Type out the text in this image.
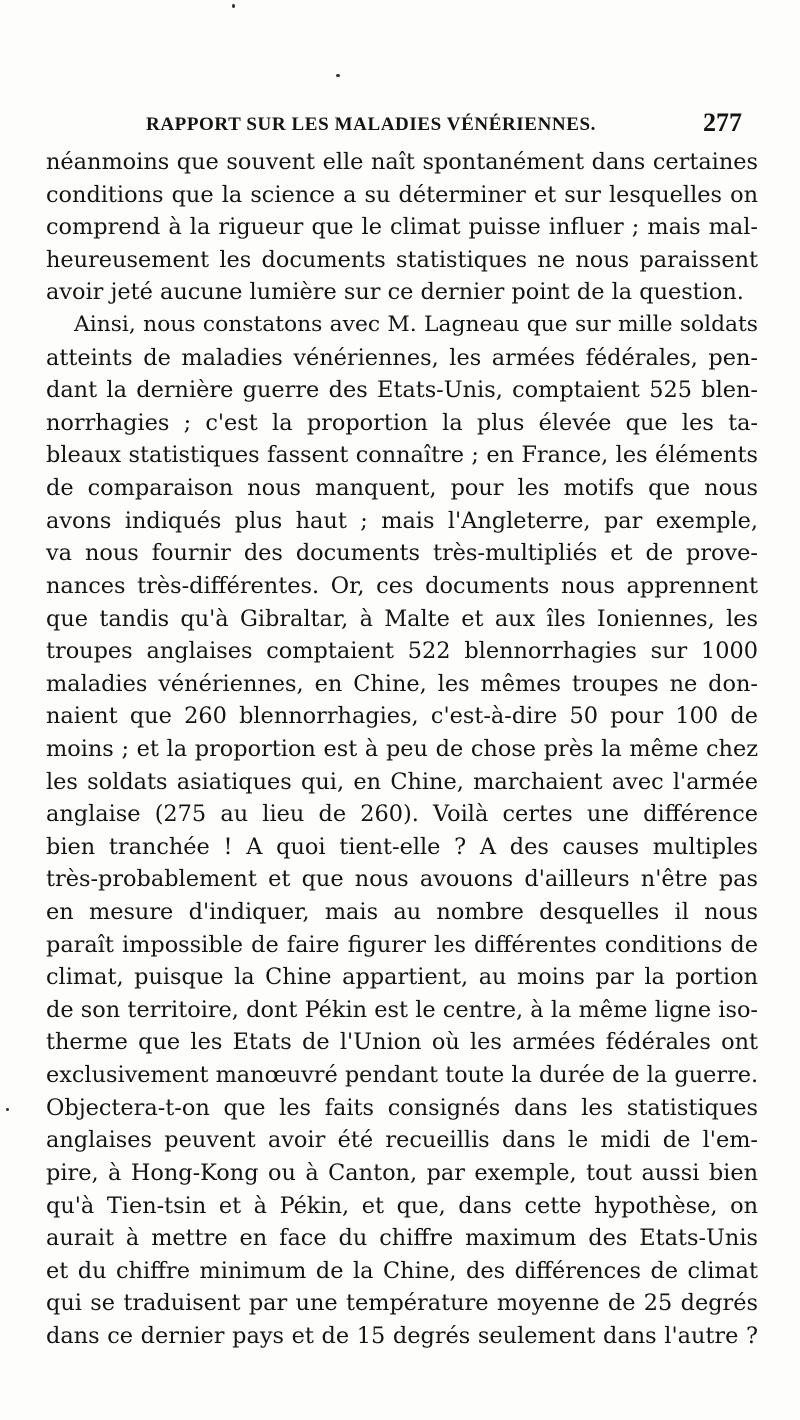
RAPPORT SUR LES MALADIES VÉNÉRIENNES.	277
néanmoins que souvent elle naît spontanément dans certaines
conditions que la science a su déterminer et sur lesquelles on
comprend à la rigueur que le climat puisse influer ; mais mal-
heureusement les documents statistiques ne nous paraissent
avoir jeté aucune lumière sur ce dernier point de la question.
Ainsi, nous constatons avec M. Lagneau que sur mille soldats
atteints de maladies vénériennes, les armées fédérales, pen-
dant la dernière guerre des Etats-Unis, comptaient 525 blen-
norrhagies ; c'est la proportion la plus élevée que les ta-
bleaux statistiques fassent connaître ; en France, les éléments
de comparaison nous manquent, pour les motifs que nous
avons indiqués plus haut ; mais l'Angleterre, par exemple,
va nous fournir des documents très-multipliés et de prove-
nances très-différentes. Or, ces documents nous apprennent
que tandis qu'à Gibraltar, à Malte et aux îles Ioniennes, les
troupes anglaises comptaient 522 blennorrhagies sur 1000
maladies vénériennes, en Chine, les mêmes troupes ne don-
naient que 260 blennorrhagies, c'est-à-dire 50 pour 100 de
moins ; et la proportion est à peu de chose près la même chez
les soldats asiatiques qui, en Chine, marchaient avec l'armée
anglaise (275 au lieu de 260). Voilà certes une différence
bien tranchée ! A quoi tient-elle ? A des causes multiples
très-probablement et que nous avouons d'ailleurs n'être pas
en mesure d'indiquer, mais au nombre desquelles il nous
paraît impossible de faire figurer les différentes conditions de
climat, puisque la Chine appartient, au moins par la portion
de son territoire, dont Pékin est le centre, à la même ligne iso-
therme que les Etats de l'Union où les armées fédérales ont
exclusivement manœuvré pendant toute la durée de la guerre.
Objectera-t-on que les faits consignés dans les statistiques
anglaises peuvent avoir été recueillis dans le midi de l'em-
pire, à Hong-Kong ou à Canton, par exemple, tout aussi bien
qu'à Tien-tsin et à Pékin, et que, dans cette hypothèse, on
aurait à mettre en face du chiffre maximum des Etats-Unis
et du chiffre minimum de la Chine, des différences de climat
qui se traduisent par une température moyenne de 25 degrés
dans ce dernier pays et de 15 degrés seulement dans l'autre ?
